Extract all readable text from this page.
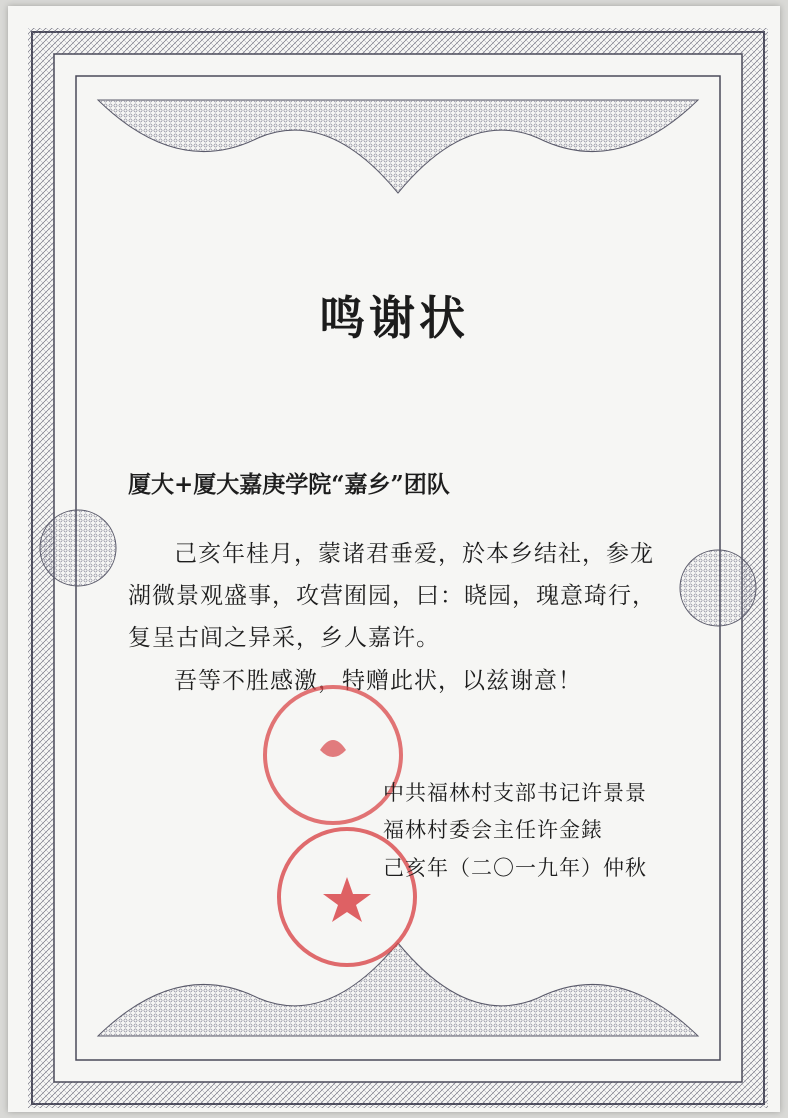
鸣谢状
厦大+厦大嘉庚学院“嘉乡”团队
己亥年桂月，蒙诸君垂爱，於本乡结社，参龙湖微景观盛事，攻营囿园，曰：晓园，瑰意琦行，复呈古闾之异采，乡人嘉许。
吾等不胜感激，特赠此状，以兹谢意！
中共福林村支部书记许景景
福林村委会主任许金錶
己亥年（二〇一九年）仲秋
